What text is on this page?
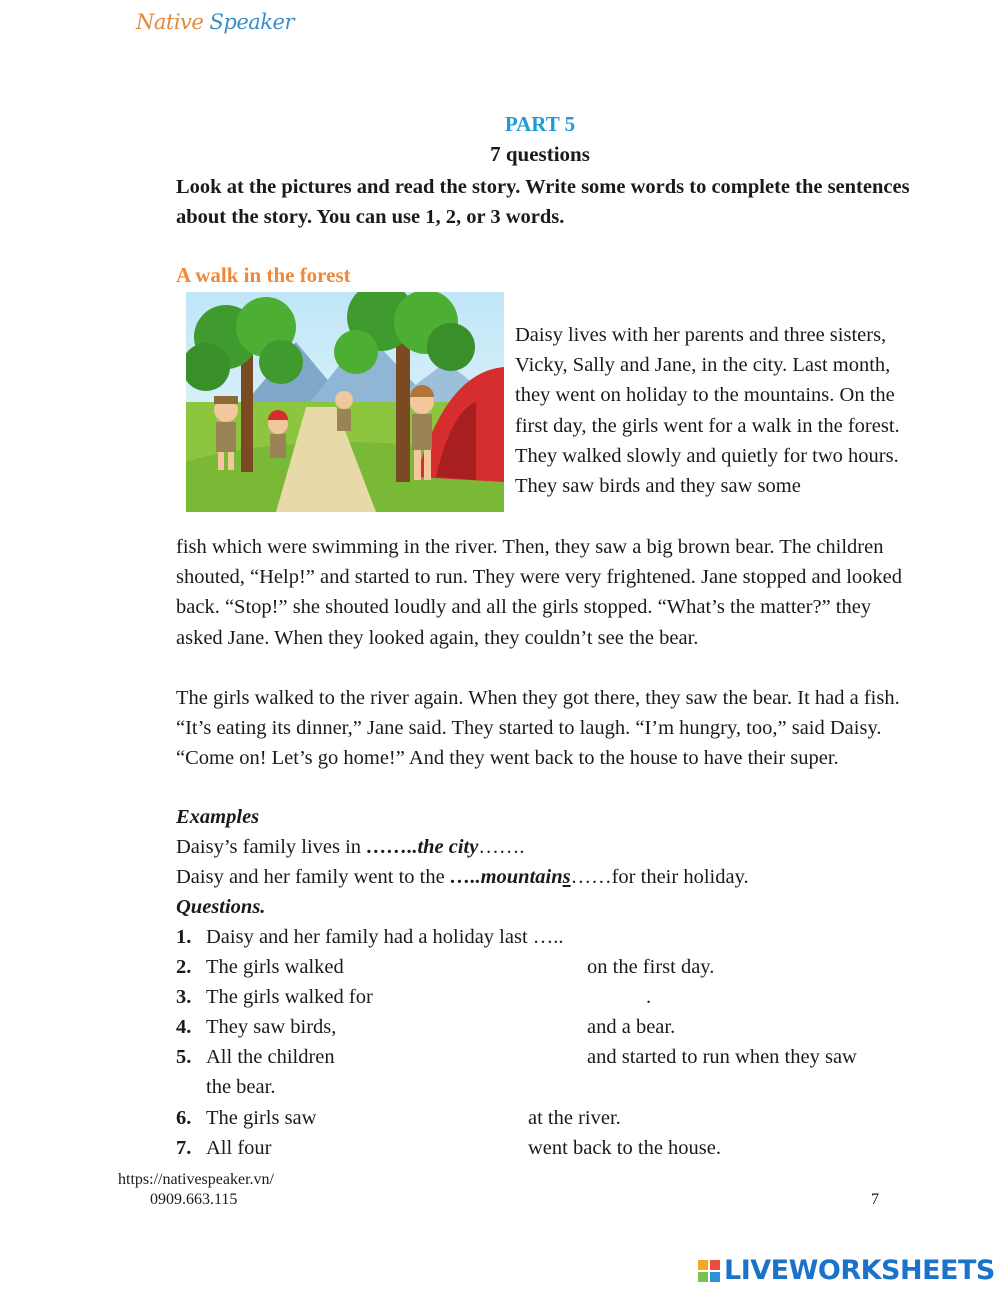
Native Speaker
PART 5
7 questions
Look at the pictures and read the story. Write some words to complete the sentences about the story. You can use 1, 2, or 3 words.
A walk in the forest
Daisy lives with her parents and three sisters, Vicky, Sally and Jane, in the city. Last month, they went on holiday to the mountains. On the first day, the girls went for a walk in the forest. They walked slowly and quietly for two hours. They saw birds and they saw some
fish which were swimming in the river. Then, they saw a big brown bear. The children shouted, “Help!” and started to run. They were very frightened. Jane stopped and looked back. “Stop!” she shouted loudly and all the girls stopped. “What’s the matter?” they asked Jane. When they looked again, they couldn’t see the bear.
The girls walked to the river again. When they got there, they saw the bear. It had a fish. “It’s eating its dinner,” Jane said. They started to laugh. “I’m hungry, too,” said Daisy. “Come on! Let’s go home!” And they went back to the house to have their super.
Examples
Daisy’s family lives in ……..the city…….
Daisy and her family went to the …..mountains……for their holiday.
Questions.
1. Daisy and her family had a holiday last …..
2. The girls walked	on the first day.
3. The girls walked for	.
4. They saw birds,	and a bear.
5. All the children	and started to run when they saw
the bear.
6. The girls saw	at the river.
7. All four	went back to the house.
https://nativespeaker.vn/
0909.663.115	7
LIVEWORKSHEETS
